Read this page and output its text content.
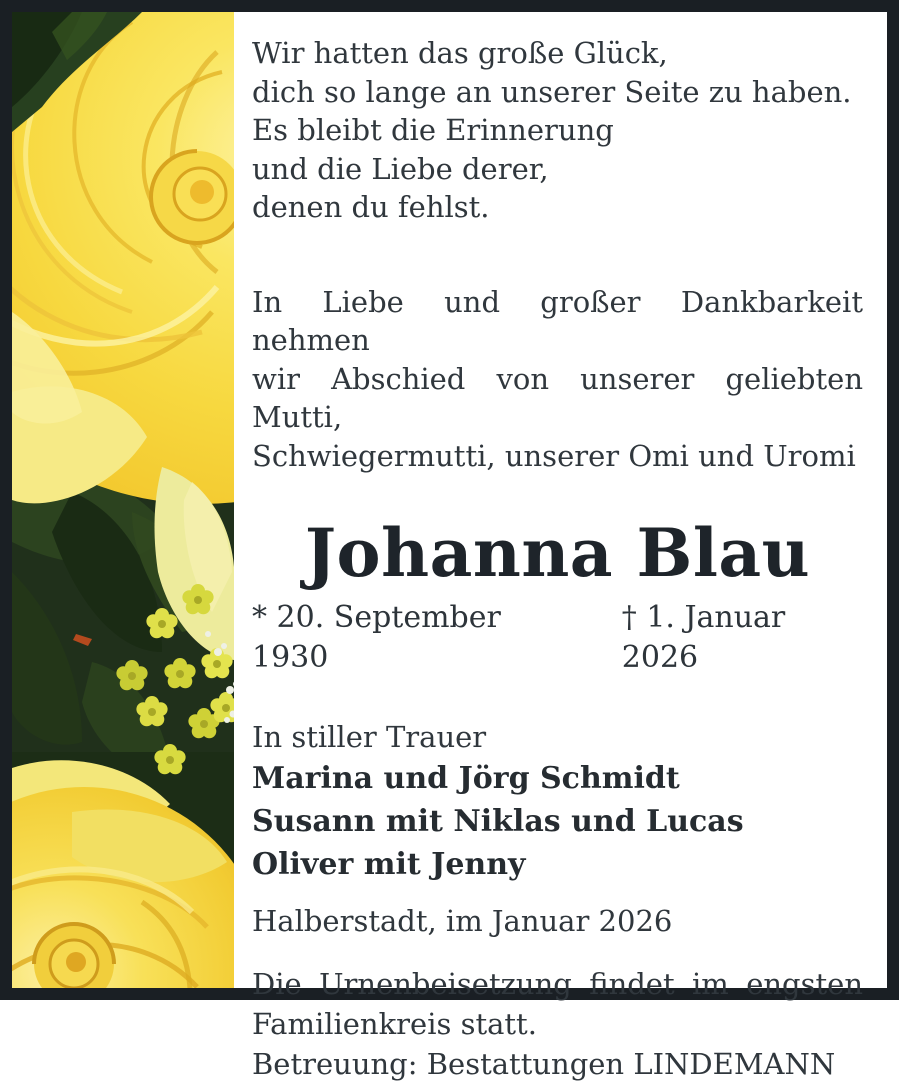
Wir hatten das große Glück,
dich so lange an unserer Seite zu haben.
Es bleibt die Erinnerung
und die Liebe derer,
denen du fehlst.
In Liebe und großer Dankbarkeit nehmen
wir Abschied von unserer geliebten Mutti,
Schwiegermutti, unserer Omi und Uromi
Johanna Blau
* 20. September 1930
† 1. Januar 2026
In stiller Trauer
Marina und Jörg Schmidt
Susann mit Niklas und Lucas
Oliver mit Jenny
Halberstadt, im Januar 2026
Die Urnenbeisetzung findet im engsten
Familienkreis statt.
Betreuung: Bestattungen LINDEMANN
